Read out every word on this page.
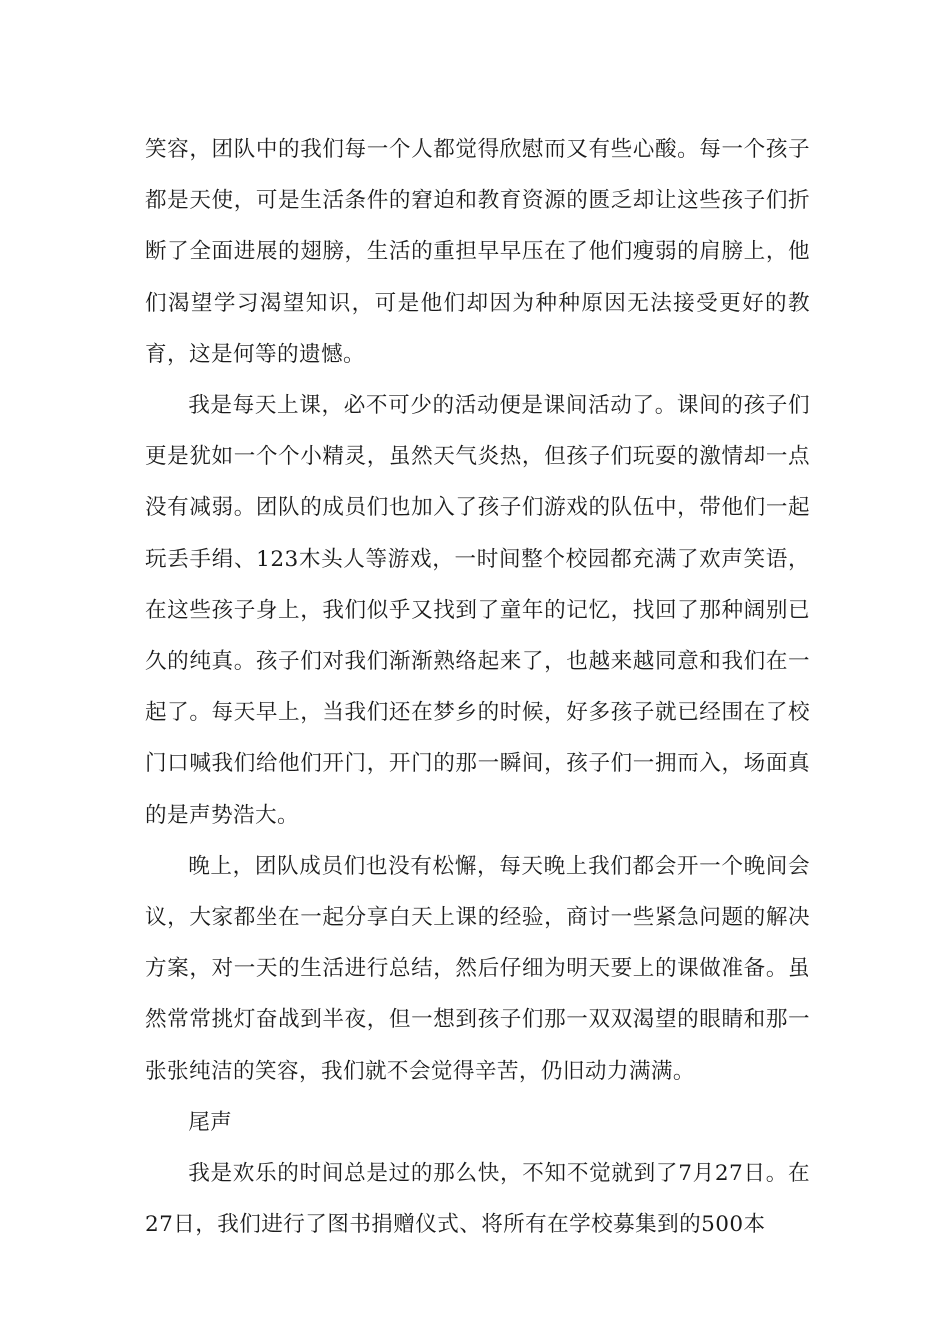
笑容，团队中的我们每一个人都觉得欣慰而又有些心酸。每一个孩子都是天使，可是生活条件的窘迫和教育资源的匮乏却让这些孩子们折断了全面进展的翅膀，生活的重担早早压在了他们瘦弱的肩膀上，他们渴望学习渴望知识，可是他们却因为种种原因无法接受更好的教育，这是何等的遗憾。

我是每天上课，必不可少的活动便是课间活动了。课间的孩子们更是犹如一个个小精灵，虽然天气炎热，但孩子们玩耍的激情却一点没有减弱。团队的成员们也加入了孩子们游戏的队伍中，带他们一起玩丢手绢、123木头人等游戏，一时间整个校园都充满了欢声笑语，在这些孩子身上，我们似乎又找到了童年的记忆，找回了那种阔别已久的纯真。孩子们对我们渐渐熟络起来了，也越来越同意和我们在一起了。每天早上，当我们还在梦乡的时候，好多孩子就已经围在了校门口喊我们给他们开门，开门的那一瞬间，孩子们一拥而入，场面真的是声势浩大。

晚上，团队成员们也没有松懈，每天晚上我们都会开一个晚间会议，大家都坐在一起分享白天上课的经验，商讨一些紧急问题的解决方案，对一天的生活进行总结，然后仔细为明天要上的课做准备。虽然常常挑灯奋战到半夜，但一想到孩子们那一双双渴望的眼睛和那一张张纯洁的笑容，我们就不会觉得辛苦，仍旧动力满满。

尾声

我是欢乐的时间总是过的那么快，不知不觉就到了7月27日。在27日，我们进行了图书捐赠仪式、将所有在学校募集到的500本
